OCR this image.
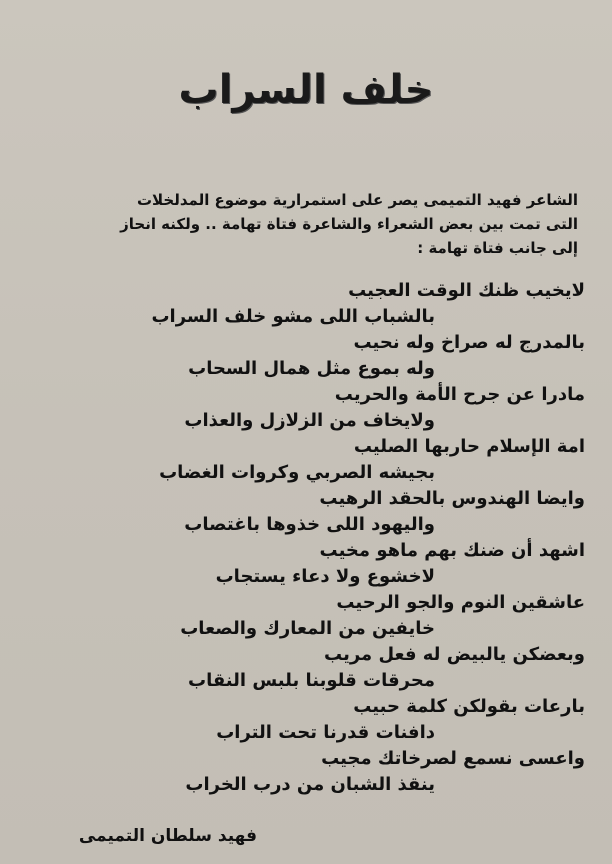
خلف السراب

الشاعر فهيد التميمى يصر على استمرارية موضوع المدلخلات

التى تمت بين بعض الشعراء والشاعرة فتاة تهامة .. ولكنه انحاز

إلى جانب فتاة تهامة :

لايخيب ظنك الوقت العجيب
بالشباب اللى مشو خلف السراب
بالمدرج له صراخ وله نحيب
وله بموع مثل همال السحاب
مادرا عن جرح الأمة والحريب
ولايخاف من الزلازل والعذاب
امة الإسلام حاربها الصليب
بجيشه الصربي وكروات الغضاب
وايضا الهندوس بالحقد الرهيب
واليهود اللى خذوها باغتصاب
اشهد أن ضنك بهم ماهو مخيب
لاخشوع ولا دعاء يستجاب
عاشقين النوم والجو الرحيب
خايفين من المعارك والصعاب
وبعضكن يالبيض له فعل مريب
محرقات قلوبنا بلبس النقاب
بارعات بقولكن كلمة حبيب
دافنات قدرنا تحت التراب
واعسى نسمع لصرخاتك مجيب
ينقذ الشبان من درب الخراب
فهيد سلطان التميمى
